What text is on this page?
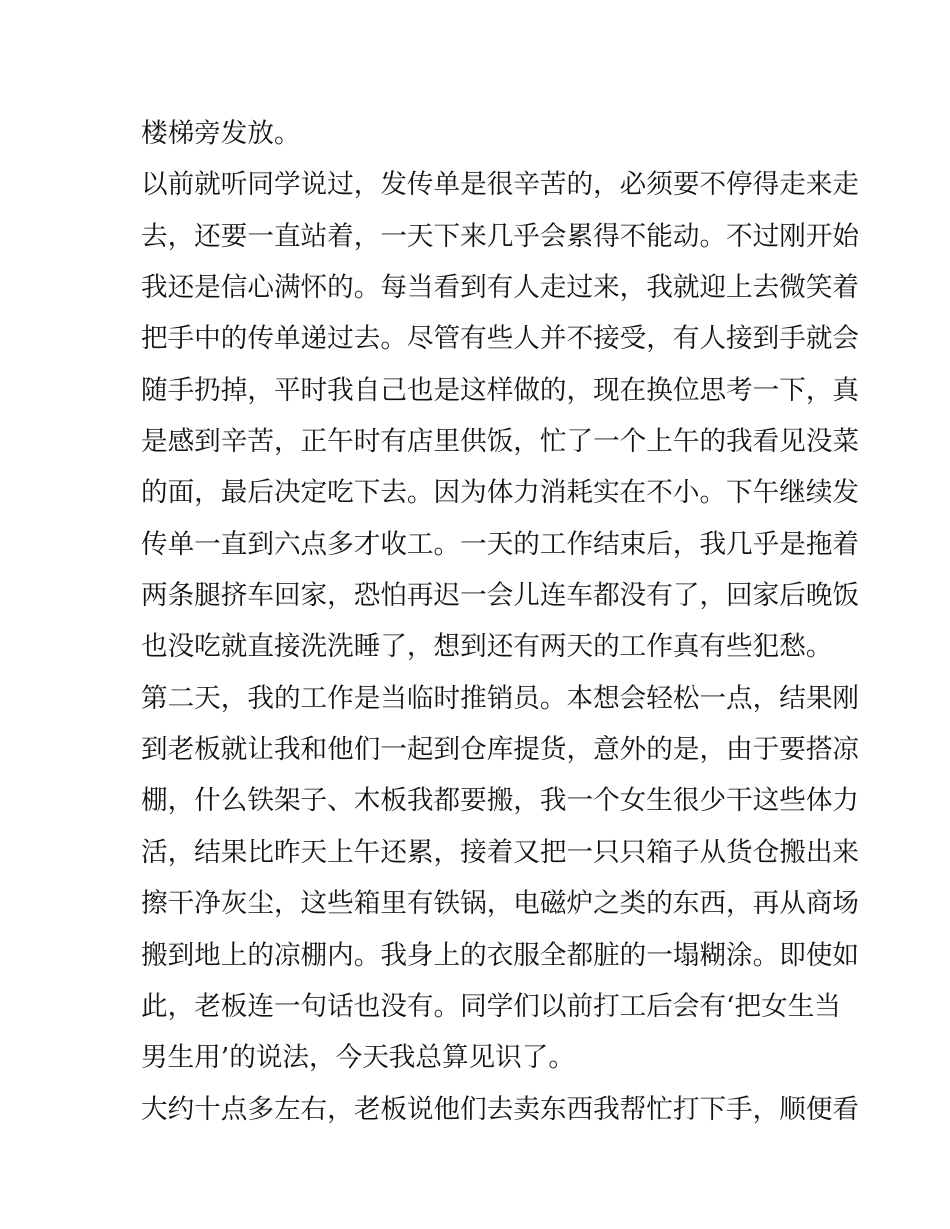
楼梯旁发放。
以前就听同学说过，发传单是很辛苦的，必须要不停得走来走
去，还要一直站着，一天下来几乎会累得不能动。不过刚开始
我还是信心满怀的。每当看到有人走过来，我就迎上去微笑着
把手中的传单递过去。尽管有些人并不接受，有人接到手就会
随手扔掉，平时我自己也是这样做的，现在换位思考一下，真
是感到辛苦，正午时有店里供饭，忙了一个上午的我看见没菜
的面，最后决定吃下去。因为体力消耗实在不小。下午继续发
传单一直到六点多才收工。一天的工作结束后，我几乎是拖着
两条腿挤车回家，恐怕再迟一会儿连车都没有了，回家后晚饭
也没吃就直接洗洗睡了，想到还有两天的工作真有些犯愁。
第二天，我的工作是当临时推销员。本想会轻松一点，结果刚
到老板就让我和他们一起到仓库提货，意外的是，由于要搭凉
棚，什么铁架子、木板我都要搬，我一个女生很少干这些体力
活，结果比昨天上午还累，接着又把一只只箱子从货仓搬出来
擦干净灰尘，这些箱里有铁锅，电磁炉之类的东西，再从商场
搬到地上的凉棚内。我身上的衣服全都脏的一塌糊涂。即使如
此，老板连一句话也没有。同学们以前打工后会有‘把女生当
男生用’的说法，今天我总算见识了。
大约十点多左右，老板说他们去卖东西我帮忙打下手，顺便看
